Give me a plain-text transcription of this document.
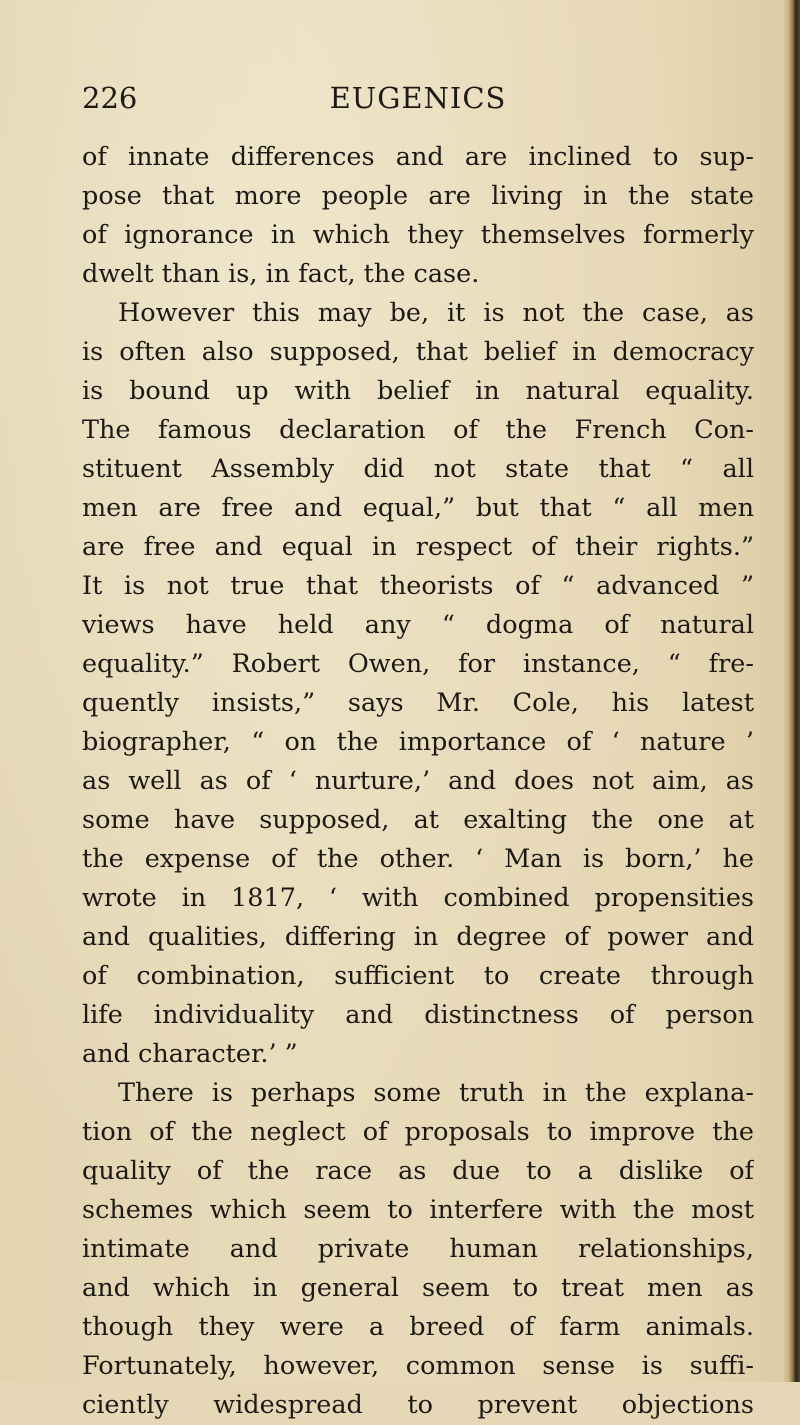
226	EUGENICS
of innate differences and are inclined to sup-
pose that more people are living in the state
of ignorance in which they themselves formerly
dwelt than is, in fact, the case.
However this may be, it is not the case, as
is often also supposed, that belief in democracy
is bound up with belief in natural equality.
The famous declaration of the French Con-
stituent Assembly did not state that “ all
men are free and equal,” but that “ all men
are free and equal in respect of their rights.”
It is not true that theorists of “ advanced ”
views have held any “ dogma of natural
equality.” Robert Owen, for instance, “ fre-
quently insists,” says Mr. Cole, his latest
biographer, “ on the importance of ‘ nature ’
as well as of ‘ nurture,’ and does not aim, as
some have supposed, at exalting the one at
the expense of the other. ‘ Man is born,’ he
wrote in 1817, ‘ with combined propensities
and qualities, differing in degree of power and
of combination, sufficient to create through
life individuality and distinctness of person
and character.’ ”
There is perhaps some truth in the explana-
tion of the neglect of proposals to improve the
quality of the race as due to a dislike of
schemes which seem to interfere with the most
intimate and private human relationships,
and which in general seem to treat men as
though they were a breed of farm animals.
Fortunately, however, common sense is suffi-
ciently widespread to prevent objections
